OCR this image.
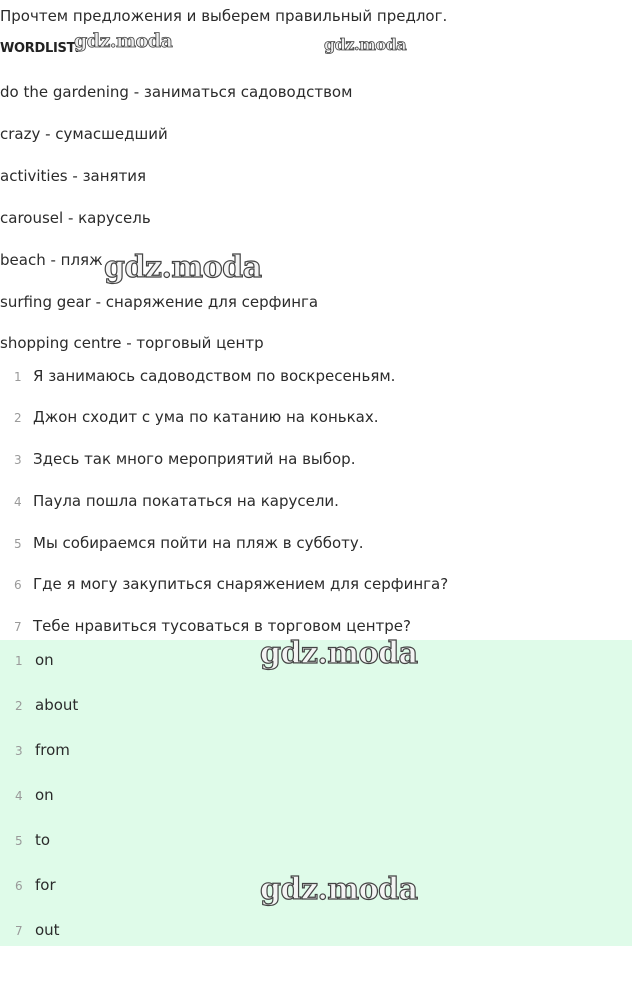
Прочтем предложения и выберем правильный предлог.
WORDLIST:
gdz.moda	gdz.moda
do the gardening - заниматься садоводством
crazy - сумасшедший
activities - занятия
carousel - карусель
beach - пляж gdz.moda
surfing gear - снаряжение для серфинга
shopping centre - торговый центр
1 Я занимаюсь садоводством по воскресеньям.
2 Джон сходит с ума по катанию на коньках.
3 Здесь так много мероприятий на выбор.
4 Паула пошла покататься на карусели.
5 Мы собираемся пойти на пляж в субботу.
6 Где я могу закупиться снаряжением для серфинга?
7 Тебе нравиться тусоваться в торговом центре?
1 on	gdz.moda
2 about
3 from
4 on
5 to
6 for	gdz.moda
7 out
